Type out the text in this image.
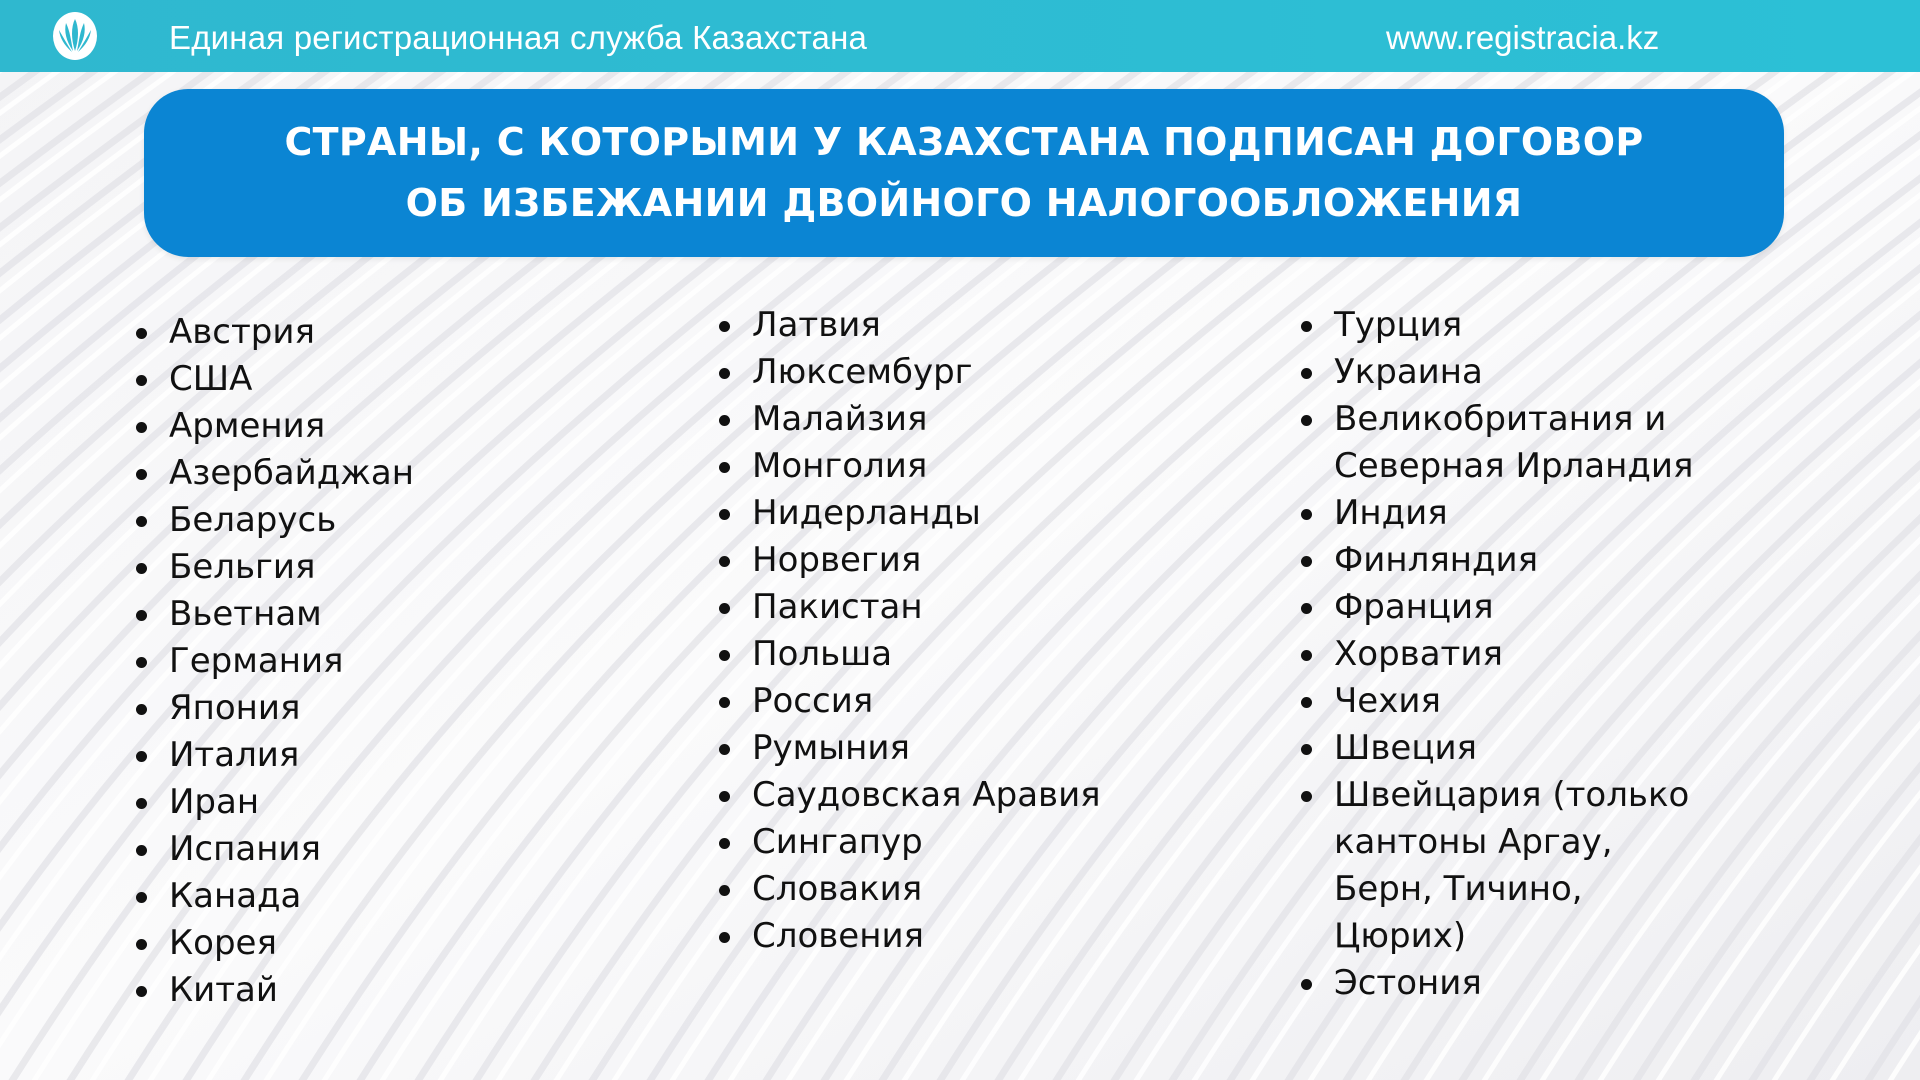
Единая регистрационная служба Казахстана	www.registracia.kz
СТРАНЫ, С КОТОРЫМИ У КАЗАХСТАНА ПОДПИСАН ДОГОВОР
ОБ ИЗБЕЖАНИИ ДВОЙНОГО НАЛОГООБЛОЖЕНИЯ
Австрия
США
Армения
Азербайджан
Беларусь
Бельгия
Вьетнам
Германия
Япония
Италия
Иран
Испания
Канада
Корея
Китай
Латвия
Люксембург
Малайзия
Монголия
Нидерланды
Норвегия
Пакистан
Польша
Россия
Румыния
Саудовская Аравия
Сингапур
Словакия
Словения
Турция
Украина
Великобритания и Северная Ирландия
Индия
Финляндия
Франция
Хорватия
Чехия
Швеция
Швейцария (только кантоны Аргау, Берн, Тичино, Цюрих)
Эстония
